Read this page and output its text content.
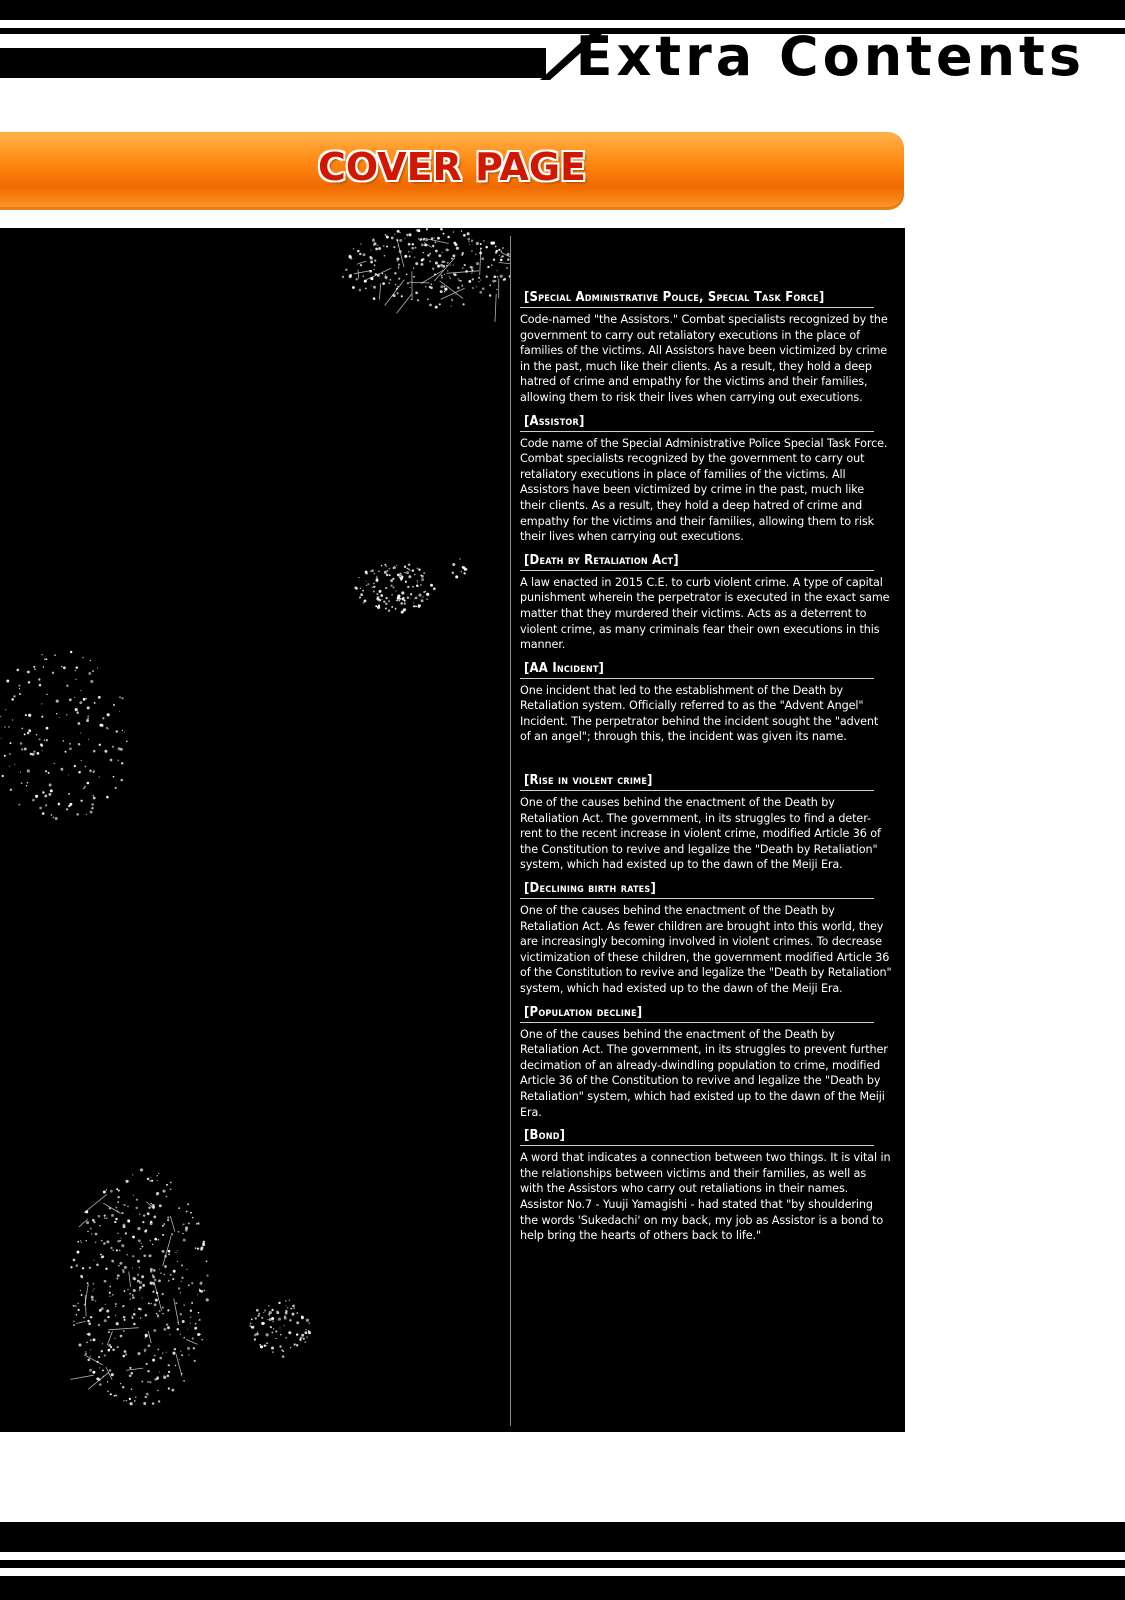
Extra Contents
COVER PAGE
[Special Administrative Police, Special Task Force]
Code-named "the Assistors." Combat specialists recognized by the government to carry out retaliatory executions in the place of families of the victims. All Assistors have been victimized by crime in the past, much like their clients. As a result, they hold a deep hatred of crime and empathy for the victims and their families, allowing them to risk their lives when carrying out executions.
[Assistor]
Code name of the Special Administrative Police Special Task Force. Combat specialists recognized by the government to carry out retaliatory executions in place of families of the victims. All Assistors have been victimized by crime in the past, much like their clients. As a result, they hold a deep hatred of crime and empathy for the victims and their families, allowing them to risk their lives when carrying out executions.
[Death by Retaliation Act]
A law enacted in 2015 C.E. to curb violent crime. A type of capital punishment wherein the perpetrator is executed in the exact same matter that they murdered their victims. Acts as a deterrent to violent crime, as many criminals fear their own executions in this manner.
[AA Incident]
One incident that led to the establishment of the Death by Retaliation system. Officially referred to as the "Advent Angel" Incident. The perpetrator behind the incident sought the "advent of an angel"; through this, the incident was given its name.
[Rise in violent crime]
One of the causes behind the enactment of the Death by Retaliation Act. The government, in its struggles to find a deter-rent to the recent increase in violent crime, modified Article 36 of the Constitution to revive and legalize the "Death by Retaliation" system, which had existed up to the dawn of the Meiji Era.
[Declining birth rates]
One of the causes behind the enactment of the Death by Retaliation Act. As fewer children are brought into this world, they are increasingly becoming involved in violent crimes. To decrease victimization of these children, the government modified Article 36 of the Constitution to revive and legalize the "Death by Retaliation" system, which had existed up to the dawn of the Meiji Era.
[Population decline]
One of the causes behind the enactment of the Death by Retaliation Act. The government, in its struggles to prevent further decimation of an already-dwindling population to crime, modified Article 36 of the Constitution to revive and legalize the "Death by Retaliation" system, which had existed up to the dawn of the Meiji Era.
[Bond]
A word that indicates a connection between two things. It is vital in the relationships between victims and their families, as well as with the Assistors who carry out retaliations in their names. Assistor No.7 - Yuuji Yamagishi - had stated that "by shouldering the words 'Sukedachi' on my back, my job as Assistor is a bond to help bring the hearts of others back to life."
